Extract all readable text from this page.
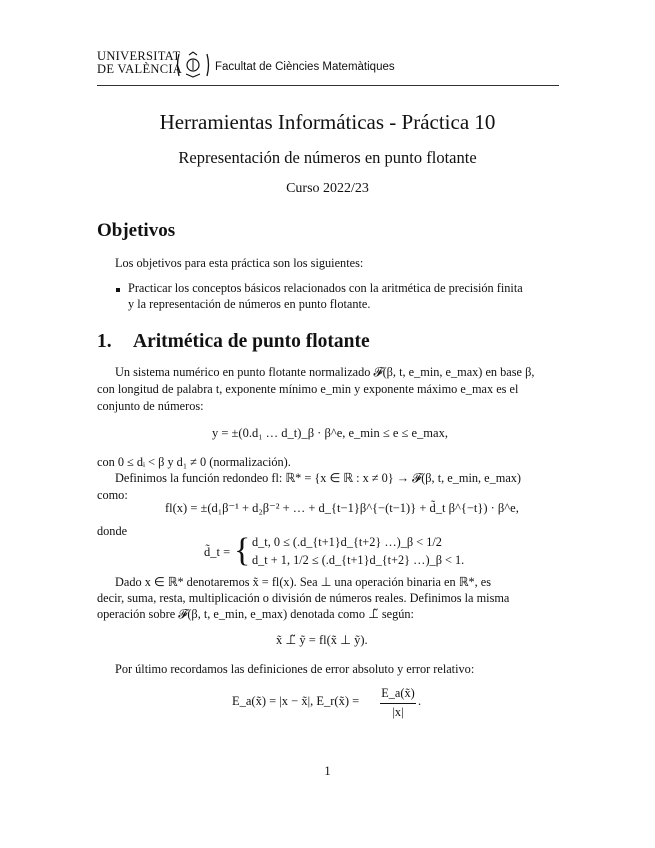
UNIVERSITAT
DE VALÈNCIA	Facultat de Ciències Matemàtiques
Herramientas Informáticas - Práctica 10
Representación de números en punto flotante
Curso 2022/23
Objetivos
Los objetivos para esta práctica son los siguientes:
Practicar los conceptos básicos relacionados con la aritmética de precisión finita
y la representación de números en punto flotante.
1. Aritmética de punto flotante
Un sistema numérico en punto flotante normalizado 𝓕(β, t, e_min, e_max) en base β,
con longitud de palabra t, exponente mínimo e_min y exponente máximo e_max es el
conjunto de números:
y = ±(0.d₁ … d_t)_β · β^e, e_min ≤ e ≤ e_max,
con 0 ≤ dᵢ < β y d₁ ≠ 0 (normalización).
Definimos la función redondeo fl: ℝ* = {x ∈ ℝ : x ≠ 0} → 𝓕(β, t, e_min, e_max)
como:
fl(x) = ±(d₁β⁻¹ + d₂β⁻² + … + d_{t−1}β^{−(t−1)} + d̃_t β^{−t}) · β^e,
donde
d̃_t = { d_t, 0 ≤ (.d_{t+1}d_{t+2} …)_β < 1/2
d_t + 1, 1/2 ≤ (.d_{t+1}d_{t+2} …)_β < 1.
Dado x ∈ ℝ* denotaremos x̃ = fl(x). Sea ⊥ una operación binaria en ℝ*, es
decir, suma, resta, multiplicación o división de números reales. Definimos la misma
operación sobre 𝓕(β, t, e_min, e_max) denotada como ⊥̃ según:
x̃ ⊥̃ ỹ = fl(x̃ ⊥ ỹ).
Por último recordamos las definiciones de error absoluto y error relativo:
E_a(x̃) = |x − x̃|, E_r(x̃) =
E_a(x̃)
|x|
.
1
